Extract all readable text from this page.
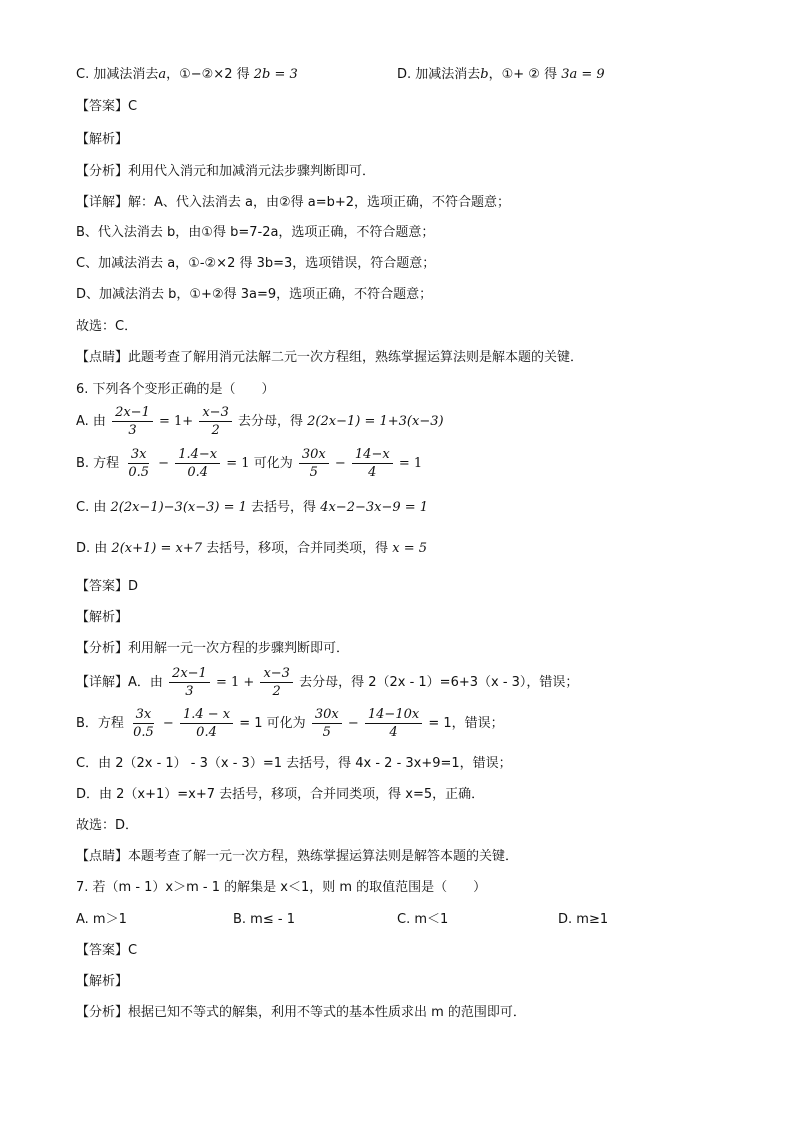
C. 加减法消去a，①−②×2 得 2b = 3	D. 加减法消去b，①+ ② 得 3a = 9
【答案】C
【解析】
【分析】利用代入消元和加减消元法步骤判断即可．
【详解】解：A、代入法消去 a，由②得 a=b+2，选项正确，不符合题意；
B、代入法消去 b，由①得 b=7-2a，选项正确，不符合题意；
C、加减法消去 a，①-②×2 得 3b=3，选项错误，符合题意；
D、加减法消去 b，①+②得 3a=9，选项正确，不符合题意；
故选：C．
【点睛】此题考查了解用消元法解二元一次方程组，熟练掌握运算法则是解本题的关键．
6. 下列各个变形正确的是（　　）
A. 由 $\frac{2x-1}{3} = 1+ \frac{x-3}{2}$ 去分母，得 2(2x−1) = 1+3(x−3)
B. 方程 $\frac{3x}{0.5} - \frac{1.4-x}{0.4} = 1$ 可化为 $\frac{30x}{5} - \frac{14-x}{4} = 1$
C. 由 2(2x−1)−3(x−3) = 1 去括号，得 4x−2−3x−9 = 1
D. 由 2(x+1) = x+7 去括号，移项，合并同类项，得 x = 5
【答案】D
【解析】
【分析】利用解一元一次方程的步骤判断即可．
【详解】A．由 $\frac{2x-1}{3} = 1 + \frac{x-3}{2}$ 去分母，得 2（2x - 1）=6+3（x - 3），错误；
B．方程 $\frac{3x}{0.5} - \frac{1.4 - x}{0.4} = 1$ 可化为 $\frac{30x}{5} - \frac{14-10x}{4} = 1$，错误；
C．由 2（2x - 1） - 3（x - 3）=1 去括号，得 4x - 2 - 3x+9=1，错误；
D．由 2（x+1）=x+7 去括号，移项，合并同类项，得 x=5，正确．
故选：D．
【点睛】本题考查了解一元一次方程，熟练掌握运算法则是解答本题的关键．
7. 若（m - 1）x＞m - 1 的解集是 x＜1，则 m 的取值范围是（　　）
A. m＞1	B. m≤ - 1	C. m＜1	D. m≥1
【答案】C
【解析】
【分析】根据已知不等式的解集，利用不等式的基本性质求出 m 的范围即可．
